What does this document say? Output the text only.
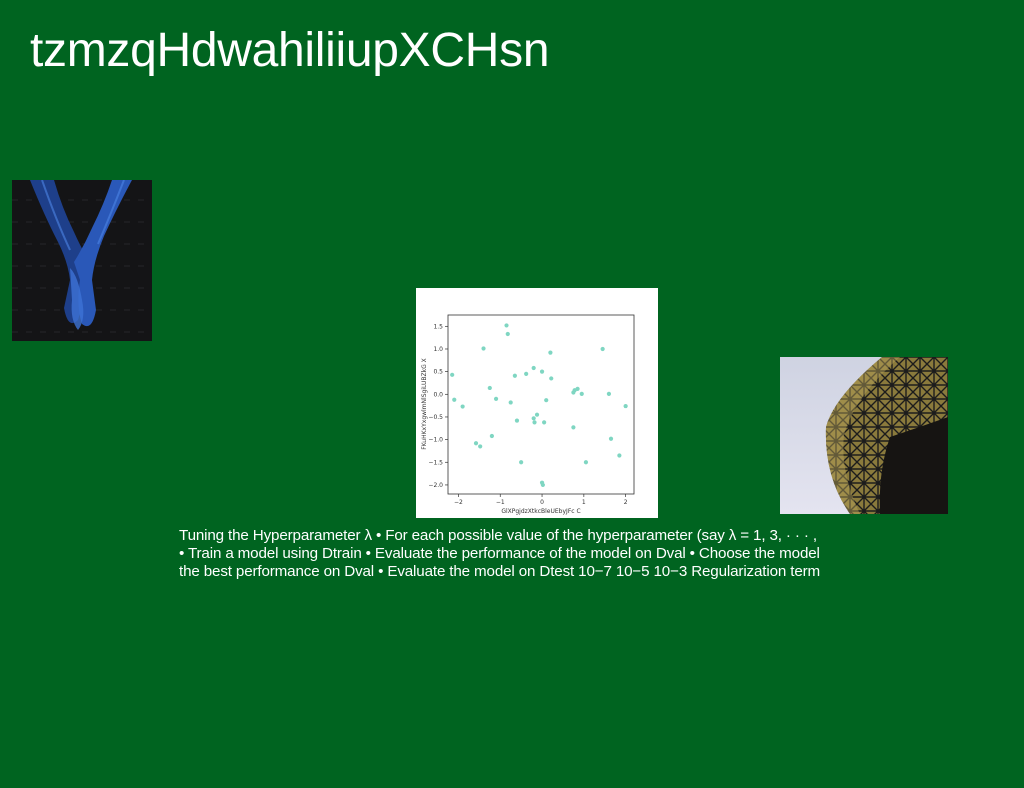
tzmzqHdwahiliiupXCHsn
−2	−1	0	1	2
−2.0
−1.5
−1.0
−0.5
0.0
0.5
1.0
1.5
GlXPgjdzXtkcBleUEbyJFc C
FKuHKxYxgwlmNlSgiLUBZkG X

Tuning the Hyperparameter λ • For each possible value of the hyperparameter (say λ = 1, 3, · · · ,
• Train a model using Dtrain • Evaluate the performance of the model on Dval • Choose the model
the best performance on Dval • Evaluate the model on Dtest 10−7 10−5 10−3 Regularization term
